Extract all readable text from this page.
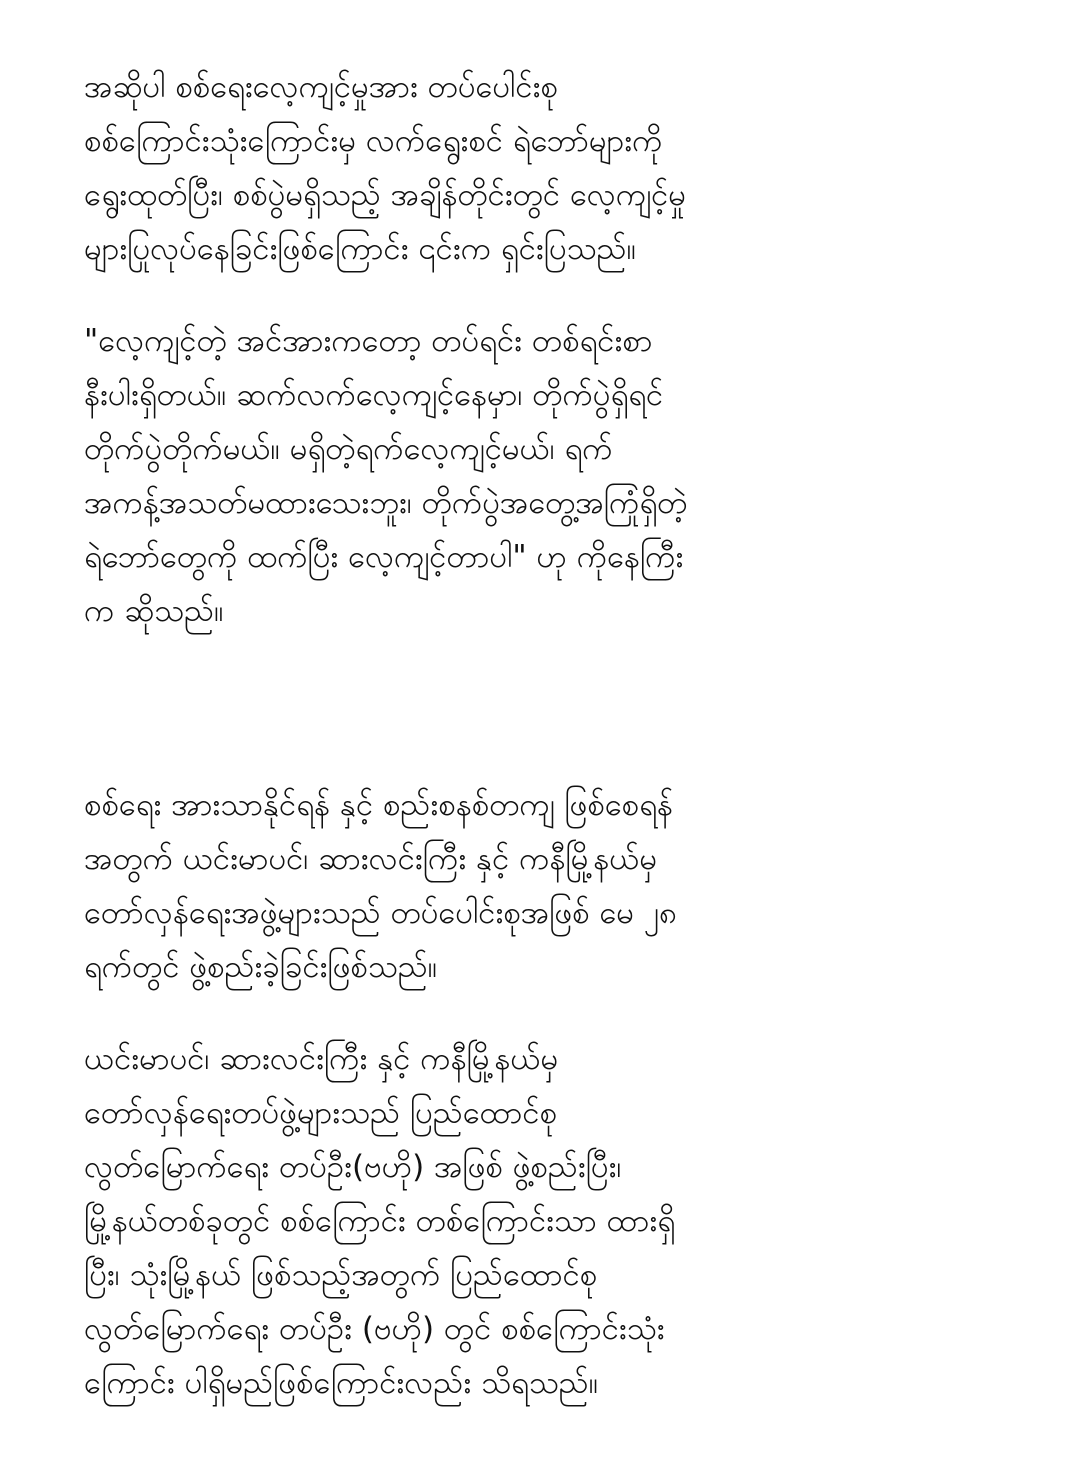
အဆိုပါ စစ်ရေးလေ့ကျင့်မှုအား တပ်ပေါင်းစု
စစ်ကြောင်းသုံးကြောင်းမှ လက်ရွေးစင် ရဲဘော်များကို
ရွေးထုတ်ပြီး၊ စစ်ပွဲမရှိသည့် အချိန်တိုင်းတွင် လေ့ကျင့်မှု
များပြုလုပ်နေခြင်းဖြစ်ကြောင်း ၎င်းက ရှင်းပြသည်။
"လေ့ကျင့်တဲ့ အင်အားကတော့ တပ်ရင်း တစ်ရင်းစာ
နီးပါးရှိတယ်။ ဆက်လက်လေ့ကျင့်နေမှာ၊ တိုက်ပွဲရှိရင်
တိုက်ပွဲတိုက်မယ်။ မရှိတဲ့ရက်လေ့ကျင့်မယ်၊ ရက်
အကန့်အသတ်မထားသေးဘူး၊ တိုက်ပွဲအတွေ့အကြုံရှိတဲ့
ရဲဘော်တွေကို ထက်ပြီး လေ့ကျင့်တာပါ" ဟု ကိုနေကြီး
က ဆိုသည်။
စစ်ရေး အားသာနိုင်ရန် နှင့် စည်းစနစ်တကျ ဖြစ်စေရန်
အတွက် ယင်းမာပင်၊ ဆားလင်းကြီး နှင့် ကနီမြို့နယ်မှ
တော်လှန်ရေးအဖွဲ့များသည် တပ်ပေါင်းစုအဖြစ် မေ ၂၈
ရက်တွင် ဖွဲ့စည်းခဲ့ခြင်းဖြစ်သည်။
ယင်းမာပင်၊ ဆားလင်းကြီး နှင့် ကနီမြို့နယ်မှ
တော်လှန်ရေးတပ်ဖွဲ့များသည် ပြည်ထောင်စု
လွတ်မြောက်ရေး တပ်ဦး(ဗဟို) အဖြစ် ဖွဲ့စည်းပြီး၊
မြို့နယ်တစ်ခုတွင် စစ်ကြောင်း တစ်ကြောင်းသာ ထားရှိ
ပြီး၊ သုံးမြို့နယ် ဖြစ်သည့်အတွက် ပြည်ထောင်စု
လွတ်မြောက်ရေး တပ်ဦး (ဗဟို) တွင် စစ်ကြောင်းသုံး
ကြောင်း ပါရှိမည်ဖြစ်ကြောင်းလည်း သိရသည်။
